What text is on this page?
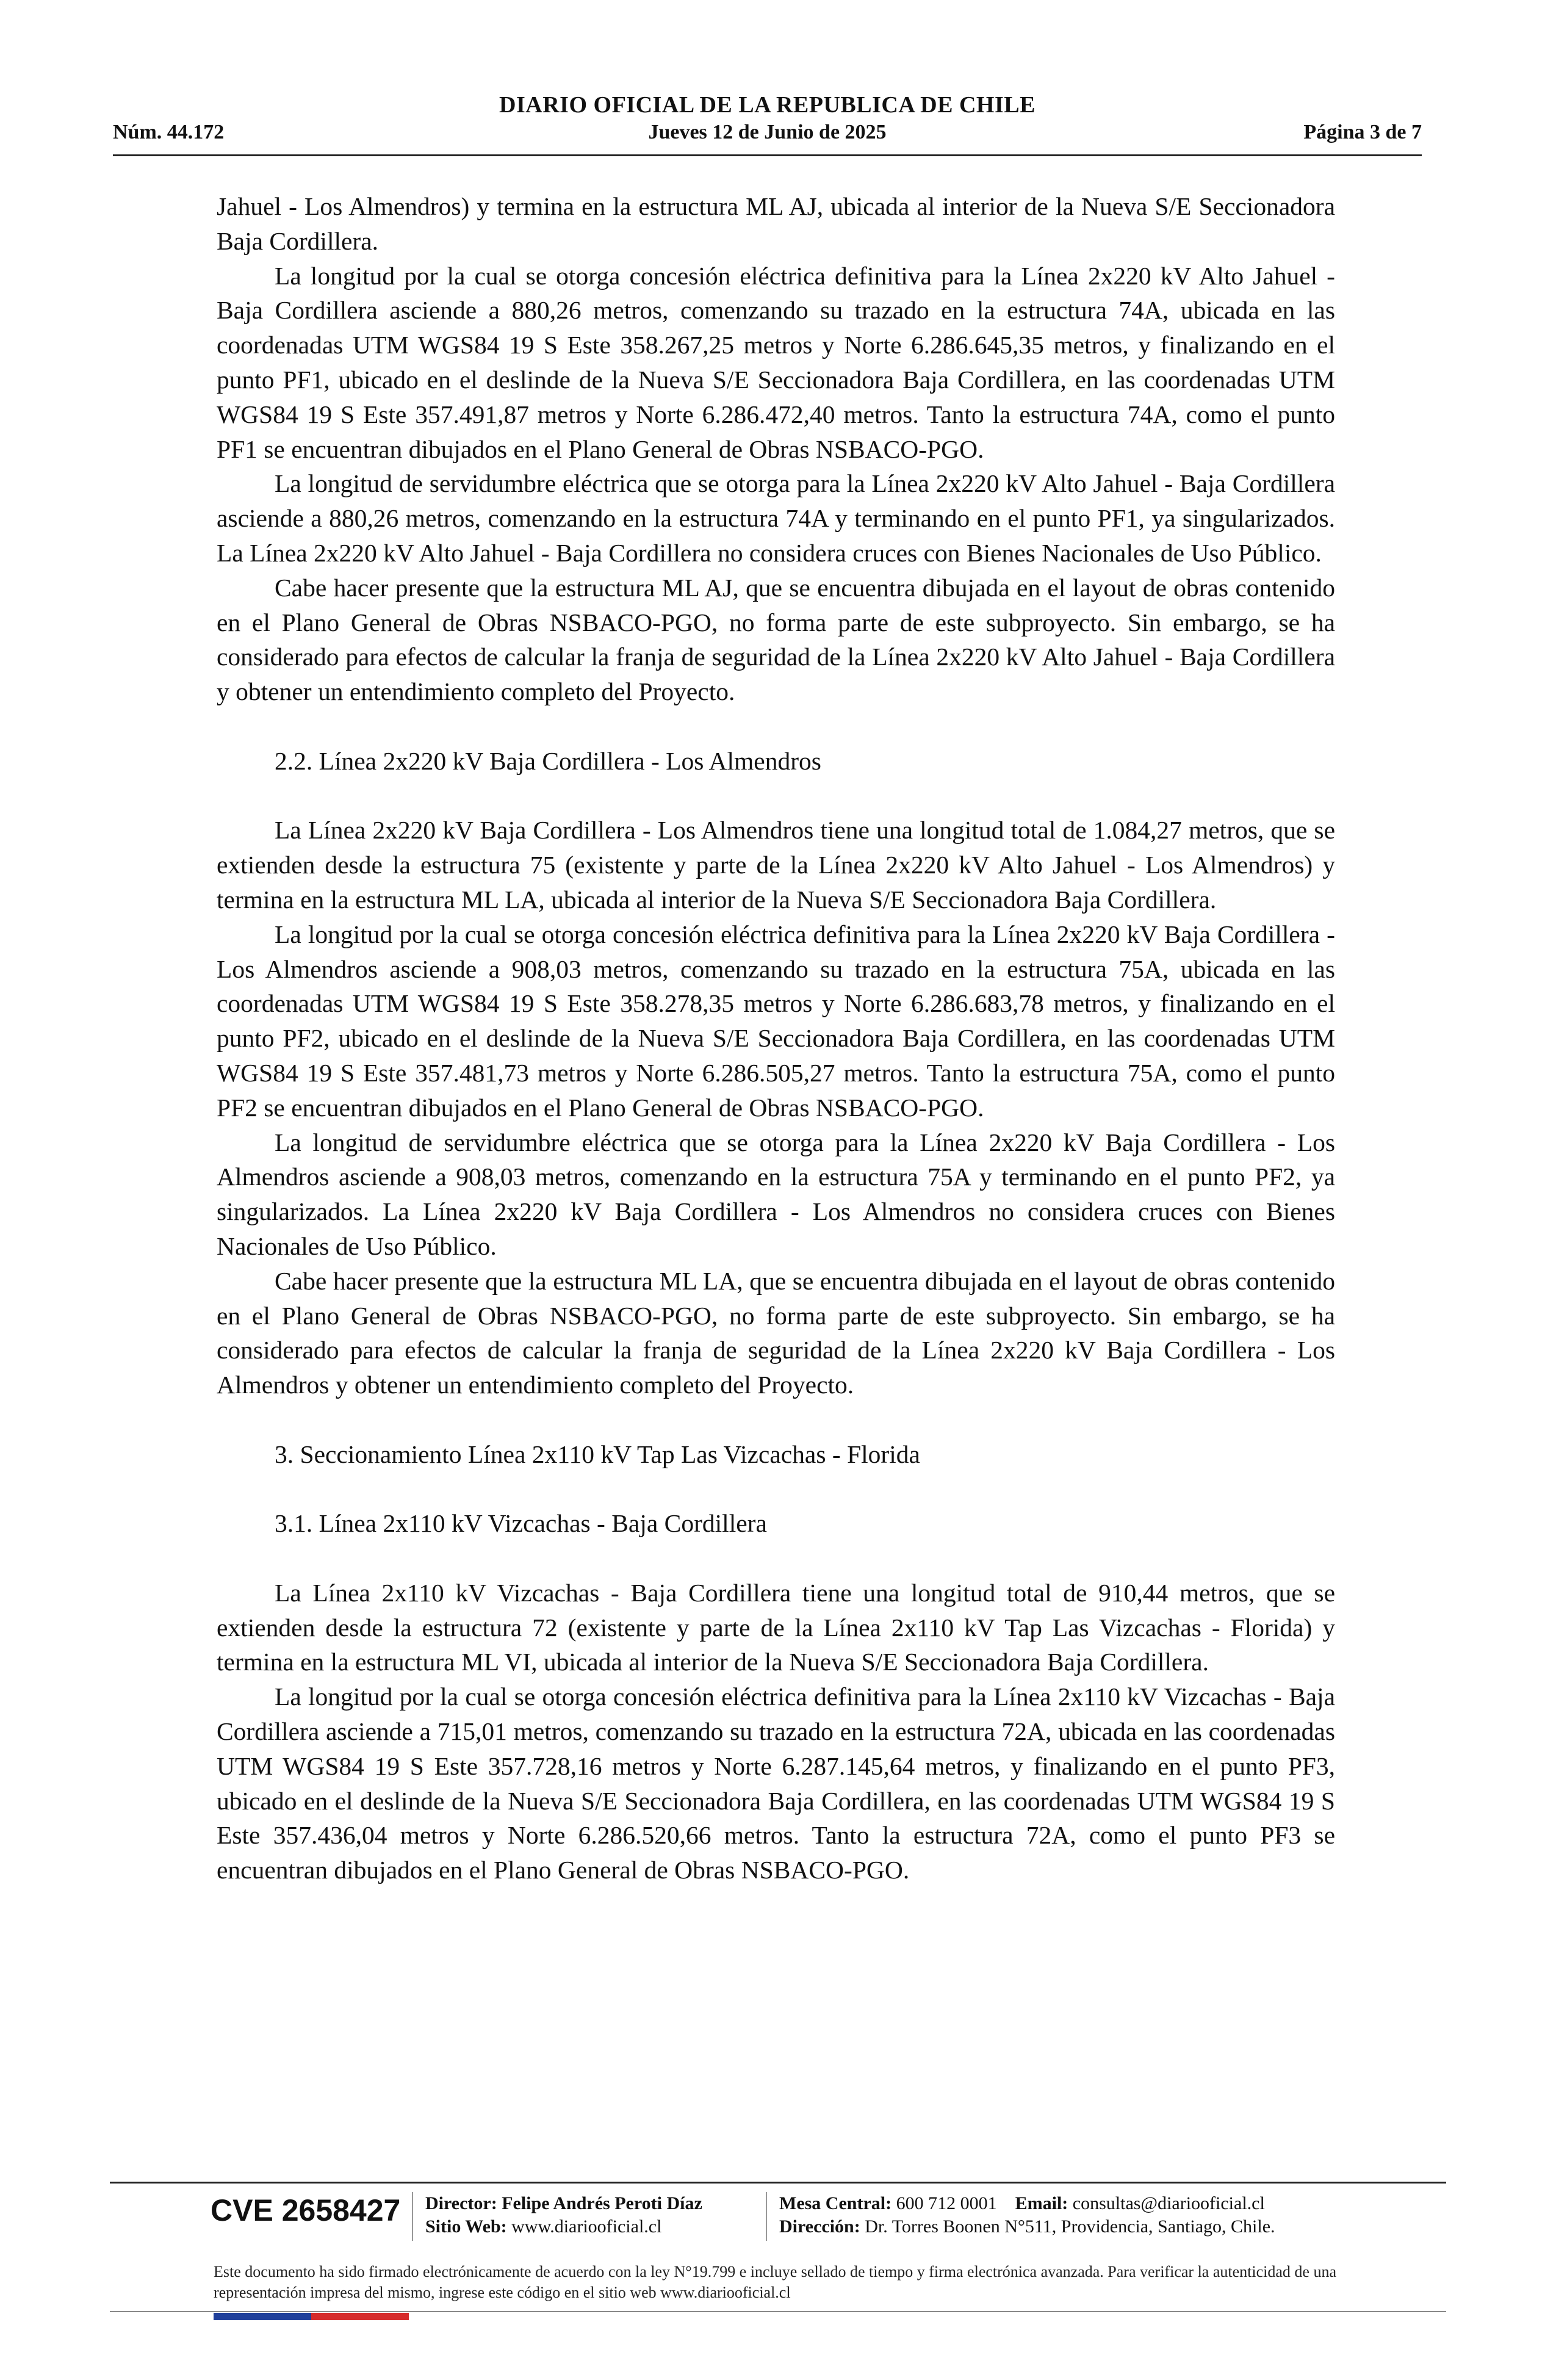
DIARIO OFICIAL DE LA REPUBLICA DE CHILE
Núm. 44.172	Jueves 12 de Junio de 2025	Página 3 de 7

Jahuel - Los Almendros) y termina en la estructura ML AJ, ubicada al interior de la Nueva S/E Seccionadora Baja Cordillera.

La longitud por la cual se otorga concesión eléctrica definitiva para la Línea 2x220 kV Alto Jahuel - Baja Cordillera asciende a 880,26 metros, comenzando su trazado en la estructura 74A, ubicada en las coordenadas UTM WGS84 19 S Este 358.267,25 metros y Norte 6.286.645,35 metros, y finalizando en el punto PF1, ubicado en el deslinde de la Nueva S/E Seccionadora Baja Cordillera, en las coordenadas UTM WGS84 19 S Este 357.491,87 metros y Norte 6.286.472,40 metros. Tanto la estructura 74A, como el punto PF1 se encuentran dibujados en el Plano General de Obras NSBACO-PGO.

La longitud de servidumbre eléctrica que se otorga para la Línea 2x220 kV Alto Jahuel - Baja Cordillera asciende a 880,26 metros, comenzando en la estructura 74A y terminando en el punto PF1, ya singularizados. La Línea 2x220 kV Alto Jahuel - Baja Cordillera no considera cruces con Bienes Nacionales de Uso Público.

Cabe hacer presente que la estructura ML AJ, que se encuentra dibujada en el layout de obras contenido en el Plano General de Obras NSBACO-PGO, no forma parte de este subproyecto. Sin embargo, se ha considerado para efectos de calcular la franja de seguridad de la Línea 2x220 kV Alto Jahuel - Baja Cordillera y obtener un entendimiento completo del Proyecto.

2.2. Línea 2x220 kV Baja Cordillera - Los Almendros

La Línea 2x220 kV Baja Cordillera - Los Almendros tiene una longitud total de 1.084,27 metros, que se extienden desde la estructura 75 (existente y parte de la Línea 2x220 kV Alto Jahuel - Los Almendros) y termina en la estructura ML LA, ubicada al interior de la Nueva S/E Seccionadora Baja Cordillera.

La longitud por la cual se otorga concesión eléctrica definitiva para la Línea 2x220 kV Baja Cordillera - Los Almendros asciende a 908,03 metros, comenzando su trazado en la estructura 75A, ubicada en las coordenadas UTM WGS84 19 S Este 358.278,35 metros y Norte 6.286.683,78 metros, y finalizando en el punto PF2, ubicado en el deslinde de la Nueva S/E Seccionadora Baja Cordillera, en las coordenadas UTM WGS84 19 S Este 357.481,73 metros y Norte 6.286.505,27 metros. Tanto la estructura 75A, como el punto PF2 se encuentran dibujados en el Plano General de Obras NSBACO-PGO.

La longitud de servidumbre eléctrica que se otorga para la Línea 2x220 kV Baja Cordillera - Los Almendros asciende a 908,03 metros, comenzando en la estructura 75A y terminando en el punto PF2, ya singularizados. La Línea 2x220 kV Baja Cordillera - Los Almendros no considera cruces con Bienes Nacionales de Uso Público.

Cabe hacer presente que la estructura ML LA, que se encuentra dibujada en el layout de obras contenido en el Plano General de Obras NSBACO-PGO, no forma parte de este subproyecto. Sin embargo, se ha considerado para efectos de calcular la franja de seguridad de la Línea 2x220 kV Baja Cordillera - Los Almendros y obtener un entendimiento completo del Proyecto.

3. Seccionamiento Línea 2x110 kV Tap Las Vizcachas - Florida

3.1. Línea 2x110 kV Vizcachas - Baja Cordillera

La Línea 2x110 kV Vizcachas - Baja Cordillera tiene una longitud total de 910,44 metros, que se extienden desde la estructura 72 (existente y parte de la Línea 2x110 kV Tap Las Vizcachas - Florida) y termina en la estructura ML VI, ubicada al interior de la Nueva S/E Seccionadora Baja Cordillera.

La longitud por la cual se otorga concesión eléctrica definitiva para la Línea 2x110 kV Vizcachas - Baja Cordillera asciende a 715,01 metros, comenzando su trazado en la estructura 72A, ubicada en las coordenadas UTM WGS84 19 S Este 357.728,16 metros y Norte 6.287.145,64 metros, y finalizando en el punto PF3, ubicado en el deslinde de la Nueva S/E Seccionadora Baja Cordillera, en las coordenadas UTM WGS84 19 S Este 357.436,04 metros y Norte 6.286.520,66 metros. Tanto la estructura 72A, como el punto PF3 se encuentran dibujados en el Plano General de Obras NSBACO-PGO.

CVE 2658427 Director: Felipe Andrés Peroti Díaz
Sitio Web: www.diariooficial.cl
Mesa Central: 600 712 0001 Email: consultas@diariooficial.cl
Dirección: Dr. Torres Boonen N°511, Providencia, Santiago, Chile.
Este documento ha sido firmado electrónicamente de acuerdo con la ley N°19.799 e incluye sellado de tiempo y firma electrónica avanzada. Para verificar la autenticidad de una representación impresa del mismo, ingrese este código en el sitio web www.diariooficial.cl
